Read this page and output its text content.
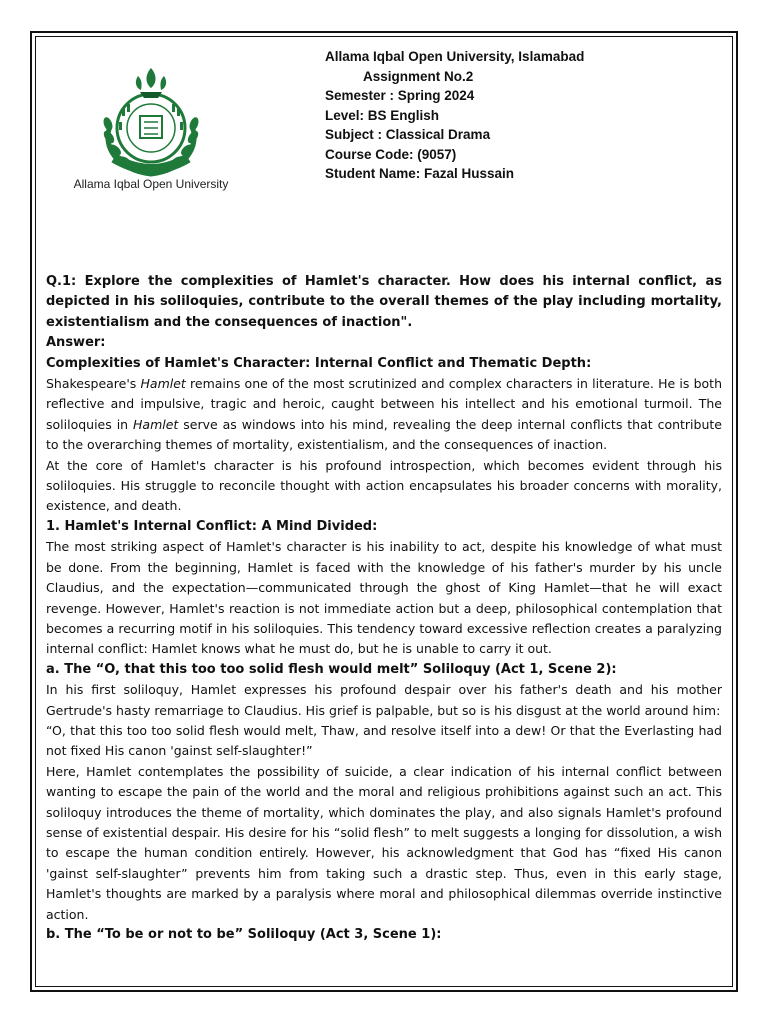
Allama Iqbal Open University
Allama Iqbal Open University, Islamabad
Assignment No.2
Semester : Spring 2024
Level: BS English
Subject : Classical Drama
Course Code: (9057)
Student Name: Fazal Hussain

Q.1: Explore the complexities of Hamlet's character. How does his internal conflict, as depicted in his soliloquies, contribute to the overall themes of the play including mortality, existentialism and the consequences of inaction".

Answer:

Complexities of Hamlet's Character: Internal Conflict and Thematic Depth:

Shakespeare's Hamlet remains one of the most scrutinized and complex characters in literature. He is both reflective and impulsive, tragic and heroic, caught between his intellect and his emotional turmoil. The soliloquies in Hamlet serve as windows into his mind, revealing the deep internal conflicts that contribute to the overarching themes of mortality, existentialism, and the consequences of inaction.

At the core of Hamlet's character is his profound introspection, which becomes evident through his soliloquies. His struggle to reconcile thought with action encapsulates his broader concerns with morality, existence, and death.

1. Hamlet's Internal Conflict: A Mind Divided:

The most striking aspect of Hamlet's character is his inability to act, despite his knowledge of what must be done. From the beginning, Hamlet is faced with the knowledge of his father's murder by his uncle Claudius, and the expectation—communicated through the ghost of King Hamlet—that he will exact revenge. However, Hamlet's reaction is not immediate action but a deep, philosophical contemplation that becomes a recurring motif in his soliloquies. This tendency toward excessive reflection creates a paralyzing internal conflict: Hamlet knows what he must do, but he is unable to carry it out.

a. The “O, that this too too solid flesh would melt” Soliloquy (Act 1, Scene 2):

In his first soliloquy, Hamlet expresses his profound despair over his father's death and his mother Gertrude's hasty remarriage to Claudius. His grief is palpable, but so is his disgust at the world around him:

“O, that this too too solid flesh would melt, Thaw, and resolve itself into a dew! Or that the Everlasting had not fixed His canon 'gainst self-slaughter!”

Here, Hamlet contemplates the possibility of suicide, a clear indication of his internal conflict between wanting to escape the pain of the world and the moral and religious prohibitions against such an act. This soliloquy introduces the theme of mortality, which dominates the play, and also signals Hamlet's profound sense of existential despair. His desire for his “solid flesh” to melt suggests a longing for dissolution, a wish to escape the human condition entirely. However, his acknowledgment that God has “fixed His canon 'gainst self-slaughter” prevents him from taking such a drastic step. Thus, even in this early stage, Hamlet's thoughts are marked by a paralysis where moral and philosophical dilemmas override instinctive action.

b. The “To be or not to be” Soliloquy (Act 3, Scene 1):
